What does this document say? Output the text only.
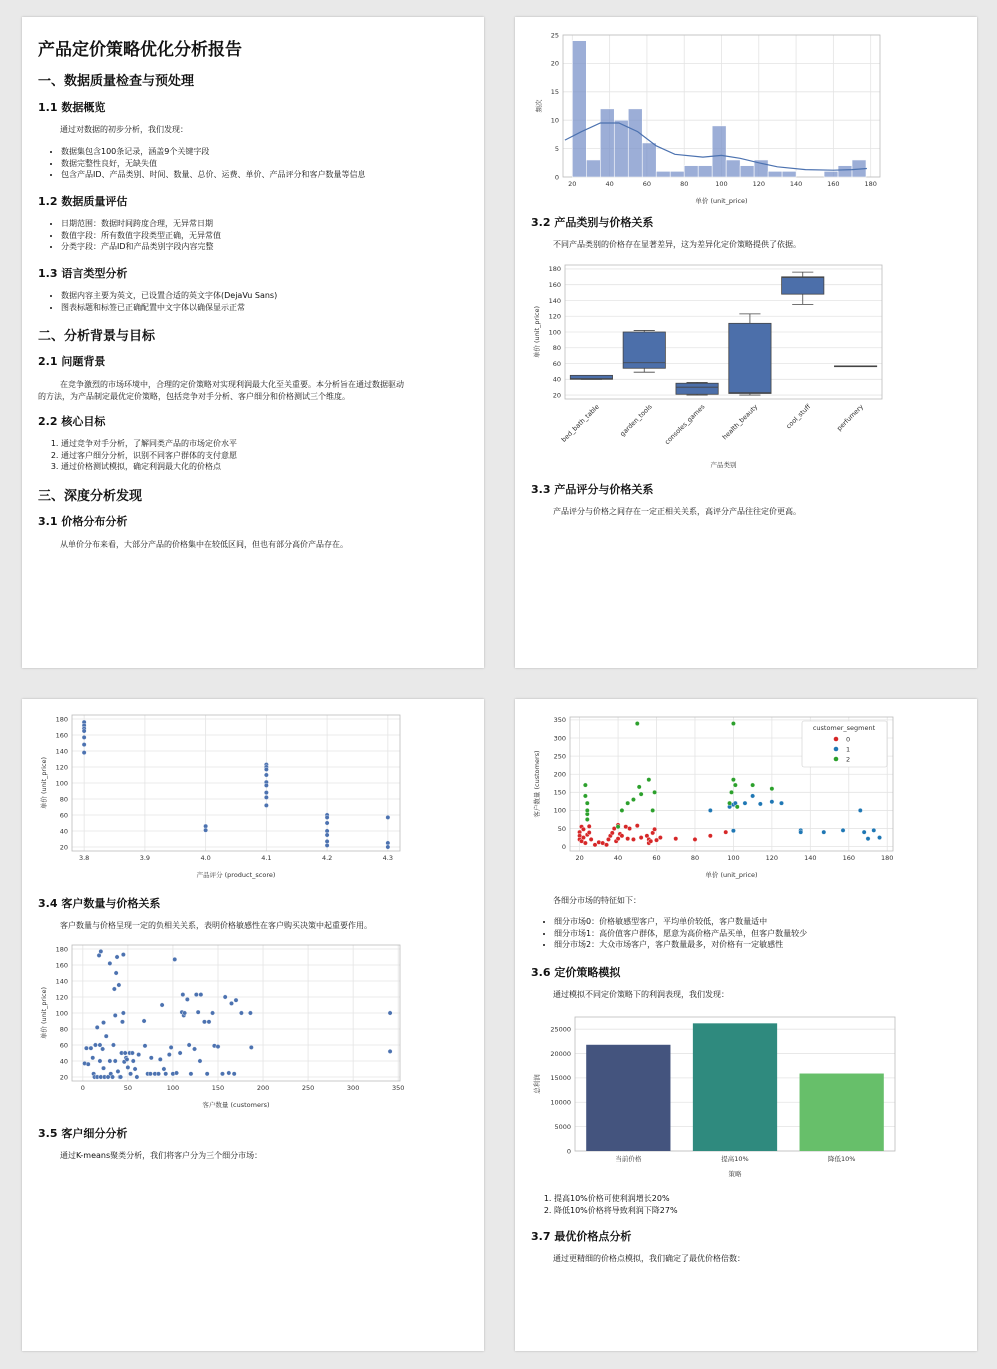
产品定价策略优化分析报告
一、数据质量检查与预处理
1.1 数据概览
通过对数据的初步分析，我们发现：
• 数据集包含100条记录，涵盖9个关键字段
• 数据完整性良好，无缺失值
• 包含产品ID、产品类别、时间、数量、总价、运费、单价、产品评分和客户数量等信息
1.2 数据质量评估
• 日期范围：数据时间跨度合理，无异常日期
• 数值字段：所有数值字段类型正确，无异常值
• 分类字段：产品ID和产品类别字段内容完整
1.3 语言类型分析
• 数据内容主要为英文，已设置合适的英文字体(DejaVu Sans)
• 图表标题和标签已正确配置中文字体以确保显示正常
二、分析背景与目标
2.1 问题背景
在竞争激烈的市场环境中，合理的定价策略对实现利润最大化至关重要。本分析旨在通过数据驱动
的方法，为产品制定最优定价策略，包括竞争对手分析、客户细分和价格测试三个维度。
2.2 核心目标
1. 通过竞争对手分析，了解同类产品的市场定价水平
2. 通过客户细分分析，识别不同客户群体的支付意愿
3. 通过价格测试模拟，确定利润最大化的价格点
三、深度分析发现
3.1 价格分布分析
从单价分布来看，大部分产品的价格集中在较低区间，但也有部分高价产品存在。
20	40	60	80	100	120	140	160	180
0
5
10
15
20
25
单价 (unit_price)
频次
3.2 产品类别与价格关系
不同产品类别的价格存在显著差异，这为差异化定价策略提供了依据。
20
40
60
80
100
120
140
160
180
产品类别
单价 (unit_price)
bed_bath_table	garden_tools consoles_games health_beauty	cool_stuff	perfumery
3.3 产品评分与价格关系
产品评分与价格之间存在一定正相关关系，高评分产品往往定价更高。
3.8	3.9	4.0	4.1	4.2	4.3
20
40
60
80
100
120
140
160
180
产品评分 (product_score)
单价 (unit_price)
3.4 客户数量与价格关系
客户数量与价格呈现一定的负相关关系，表明价格敏感性在客户购买决策中起重要作用。
0	50	100	150	200	250	300	350
20
40
60
80
100
120
140
160
180
客户数量 (customers)
单价 (unit_price)
3.5 客户细分分析
通过K-means聚类分析，我们将客户分为三个细分市场：
20	40	60	80	100	120	140	160	180
0
50
100
150
200
250
300
350
单价 (unit_price)
客户数量 (customers)
customer_segment
0
1
2
各细分市场的特征如下：
• 细分市场0：价格敏感型客户，平均单价较低，客户数量适中
• 细分市场1：高价值客户群体，愿意为高价格产品买单，但客户数量较少
• 细分市场2：大众市场客户，客户数量最多，对价格有一定敏感性
3.6 定价策略模拟
通过模拟不同定价策略下的利润表现，我们发现：
0
5000
10000
15000
20000
25000
策略
总利润
当前价格	提高10%	降低10%
1. 提高10%价格可使利润增长20%
2. 降低10%价格将导致利润下降27%
3.7 最优价格点分析
通过更精细的价格点模拟，我们确定了最优价格倍数：
